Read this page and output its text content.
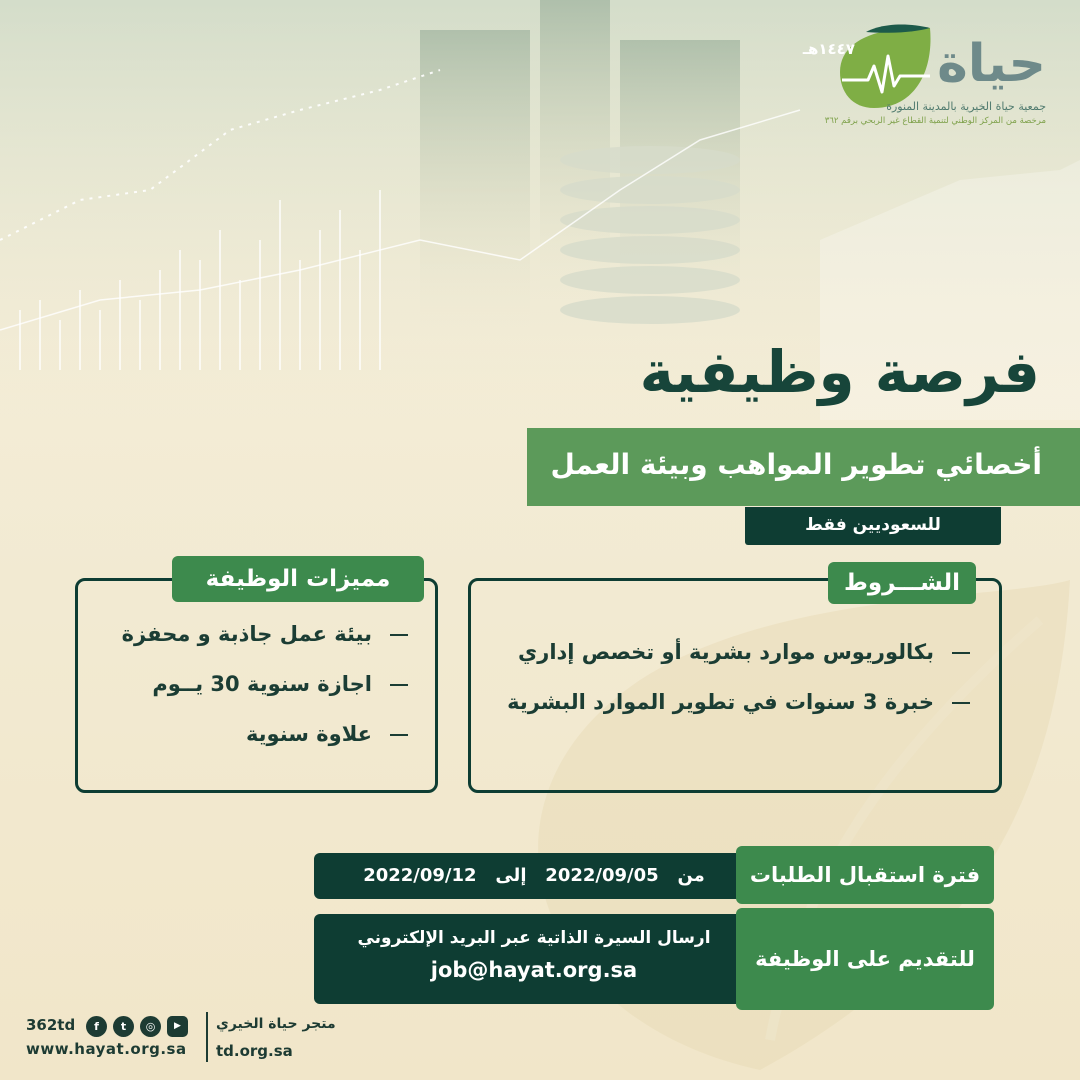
١٤٤٧هـ حياة
جمعية حياة الخيرية بالمدينة المنورة
مرخصة من المركز الوطني لتنمية القطاع غير الربحي برقم ٣٦٢
فرصة وظيفية
أخصائي تطوير المواهب وبيئة العمل
للسعوديين فقط
الشـــروط
بكالوريوس موارد بشرية أو تخصص إداري
خبرة 3 سنوات في تطوير الموارد البشرية
مميزات الوظيفة
بيئة عمل جاذبة و محفزة
اجازة سنوية 30 يــوم
علاوة سنوية
من   2022/09/05   إلى   2022/09/12	فترة استقبال الطلبات
ارسال السيرة الذاتية عبر البريد الإلكتروني
job@hayat.org.sa	للتقديم على الوظيفة
362td
www.hayat.org.sa
f	t	◎	▶	متجر حياة الخيري
td.org.sa
